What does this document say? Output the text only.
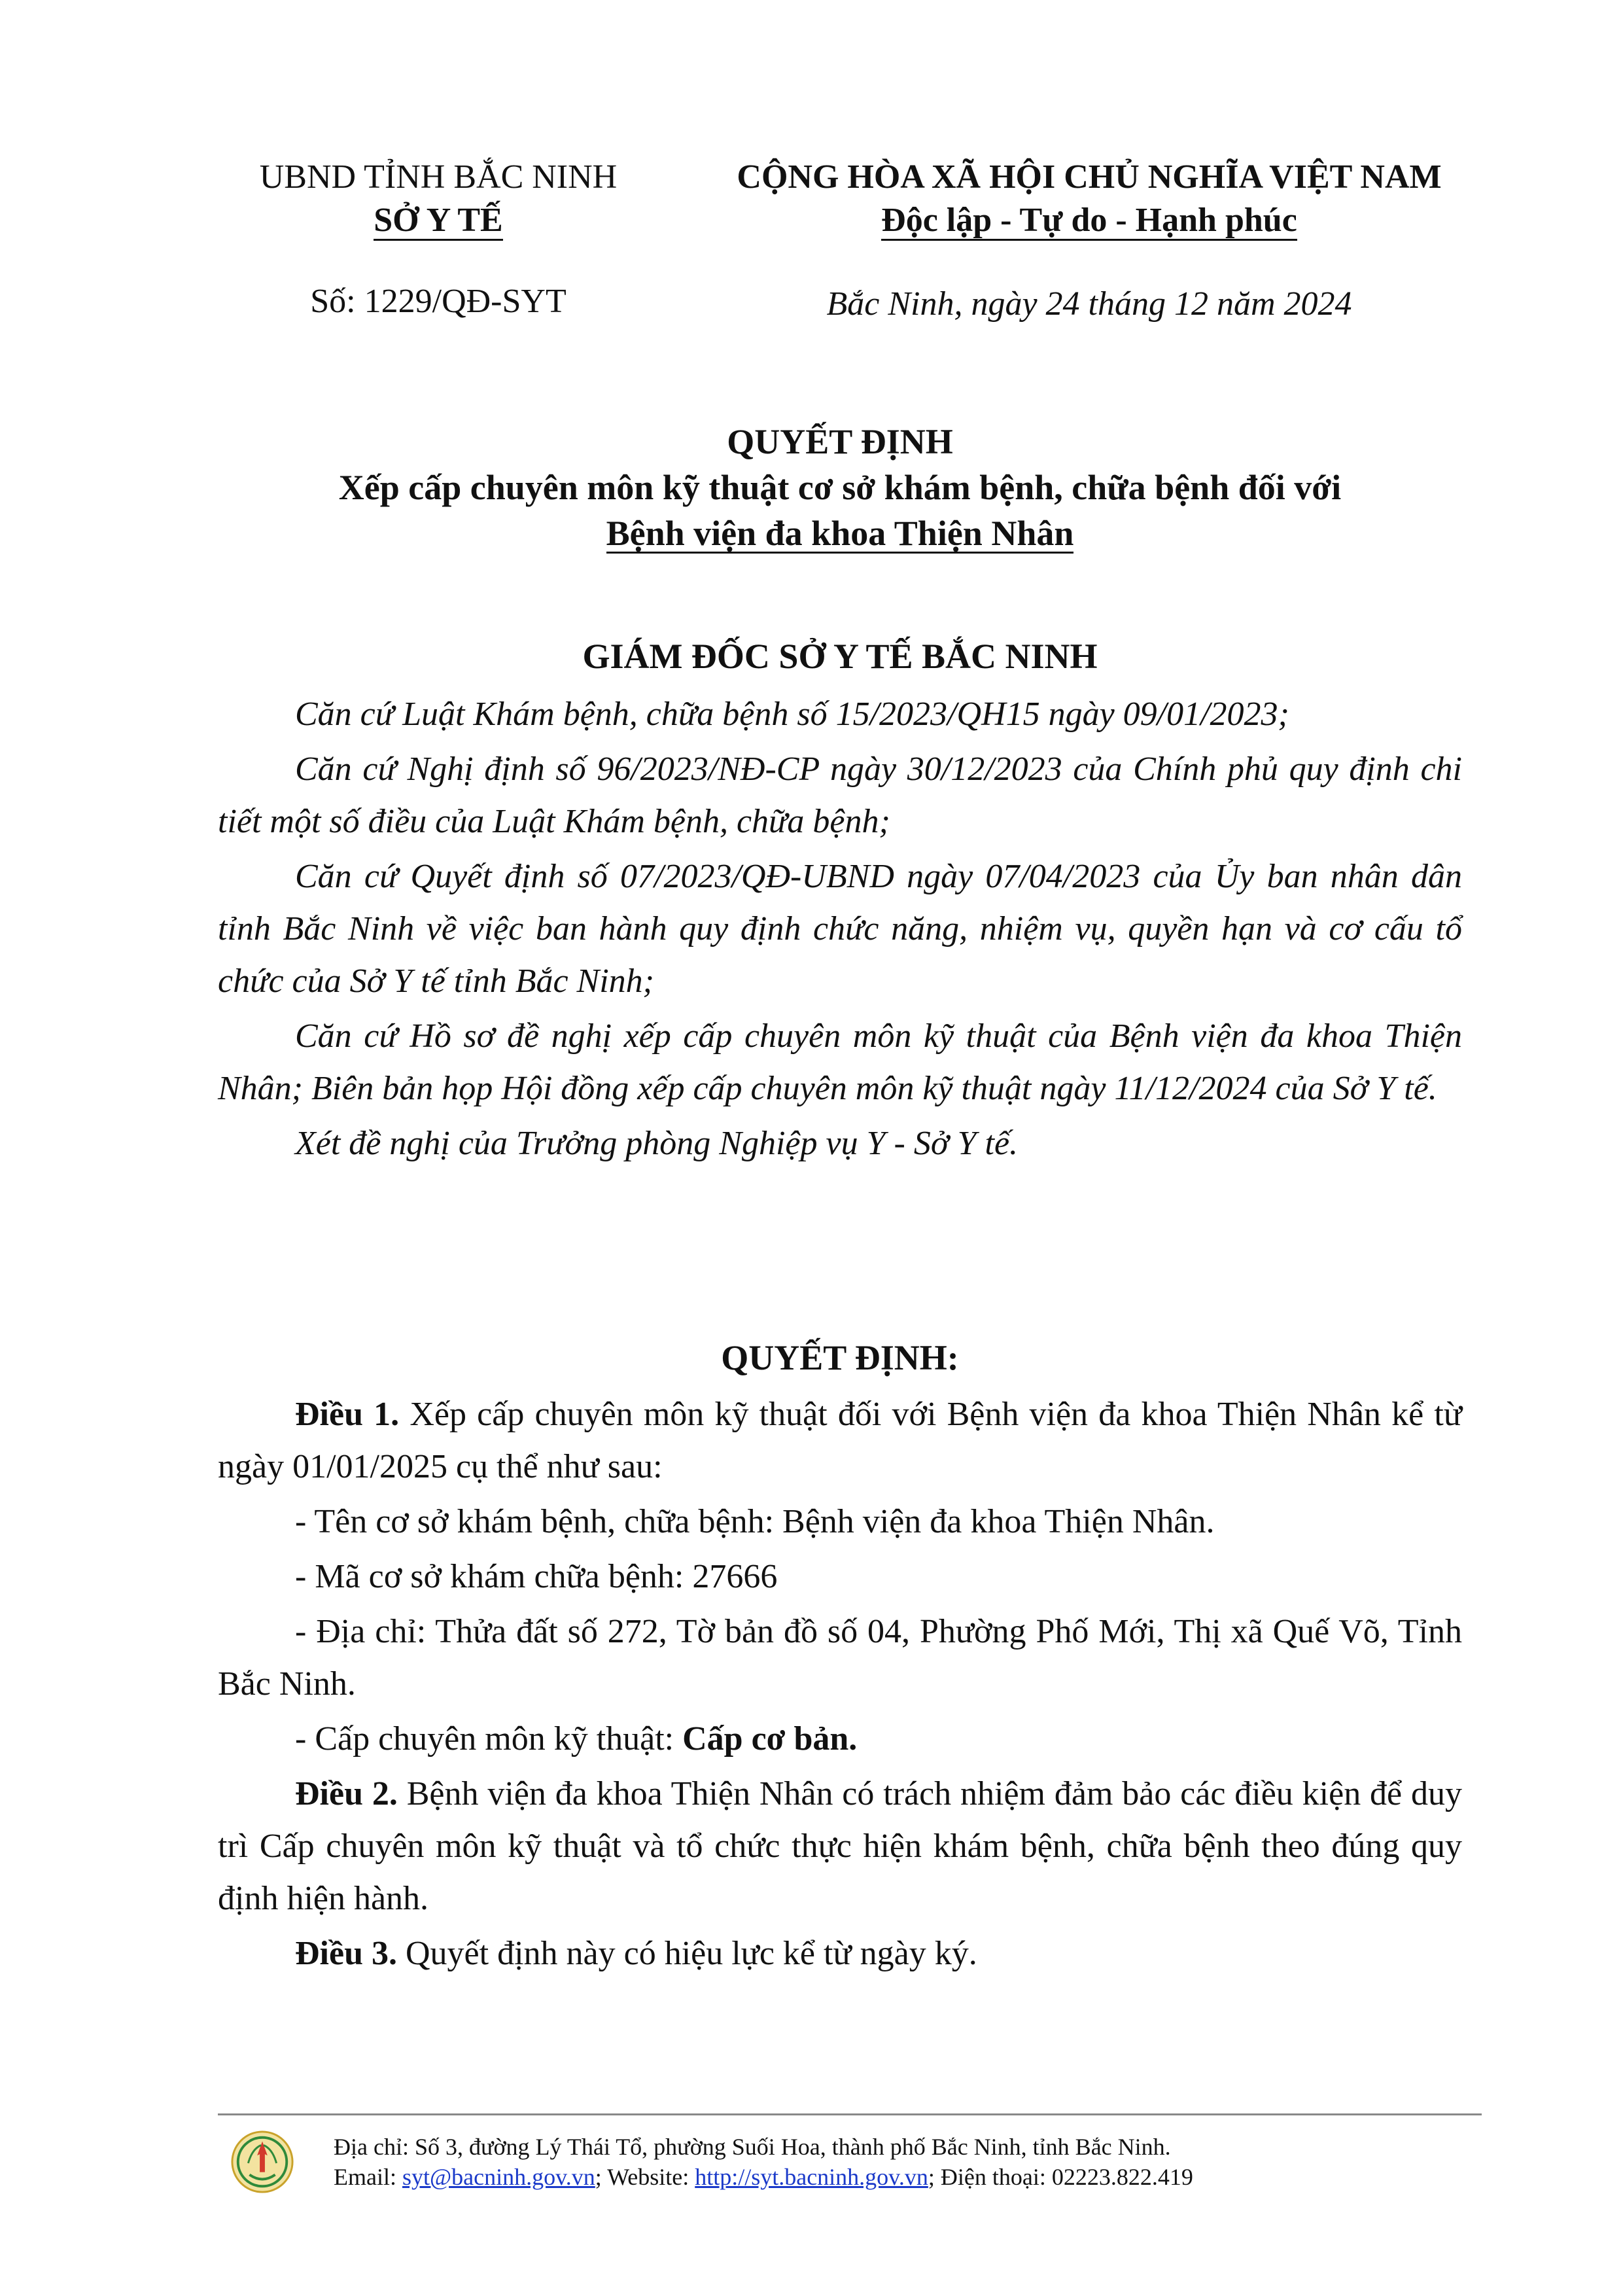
UBND TỈNH BẮC NINH
SỞ Y TẾ
Số: 1229/QĐ-SYT
CỘNG HÒA XÃ HỘI CHỦ NGHĨA VIỆT NAM
Độc lập - Tự do - Hạnh phúc
Bắc Ninh, ngày 24 tháng 12 năm 2024
QUYẾT ĐỊNH
Xếp cấp chuyên môn kỹ thuật cơ sở khám bệnh, chữa bệnh đối với
Bệnh viện đa khoa Thiện Nhân
GIÁM ĐỐC SỞ Y TẾ BẮC NINH

Căn cứ Luật Khám bệnh, chữa bệnh số 15/2023/QH15 ngày 09/01/2023;

Căn cứ Nghị định số 96/2023/NĐ-CP ngày 30/12/2023 của Chính phủ quy định chi tiết một số điều của Luật Khám bệnh, chữa bệnh;

Căn cứ Quyết định số 07/2023/QĐ-UBND ngày 07/04/2023 của Ủy ban nhân dân tỉnh Bắc Ninh về việc ban hành quy định chức năng, nhiệm vụ, quyền hạn và cơ cấu tổ chức của Sở Y tế tỉnh Bắc Ninh;

Căn cứ Hồ sơ đề nghị xếp cấp chuyên môn kỹ thuật của Bệnh viện đa khoa Thiện Nhân; Biên bản họp Hội đồng xếp cấp chuyên môn kỹ thuật ngày 11/12/2024 của Sở Y tế.

Xét đề nghị của Trưởng phòng Nghiệp vụ Y - Sở Y tế.

QUYẾT ĐỊNH:

Điều 1. Xếp cấp chuyên môn kỹ thuật đối với Bệnh viện đa khoa Thiện Nhân kể từ ngày 01/01/2025 cụ thể như sau:

- Tên cơ sở khám bệnh, chữa bệnh: Bệnh viện đa khoa Thiện Nhân.

- Mã cơ sở khám chữa bệnh: 27666

- Địa chỉ: Thửa đất số 272, Tờ bản đồ số 04, Phường Phố Mới, Thị xã Quế Võ, Tỉnh Bắc Ninh.

- Cấp chuyên môn kỹ thuật: Cấp cơ bản.

Điều 2. Bệnh viện đa khoa Thiện Nhân có trách nhiệm đảm bảo các điều kiện để duy trì Cấp chuyên môn kỹ thuật và tổ chức thực hiện khám bệnh, chữa bệnh theo đúng quy định hiện hành.

Điều 3. Quyết định này có hiệu lực kể từ ngày ký.

Địa chỉ: Số 3, đường Lý Thái Tổ, phường Suối Hoa, thành phố Bắc Ninh, tỉnh Bắc Ninh.
Email: syt@bacninh.gov.vn; Website: http://syt.bacninh.gov.vn; Điện thoại: 02223.822.419
